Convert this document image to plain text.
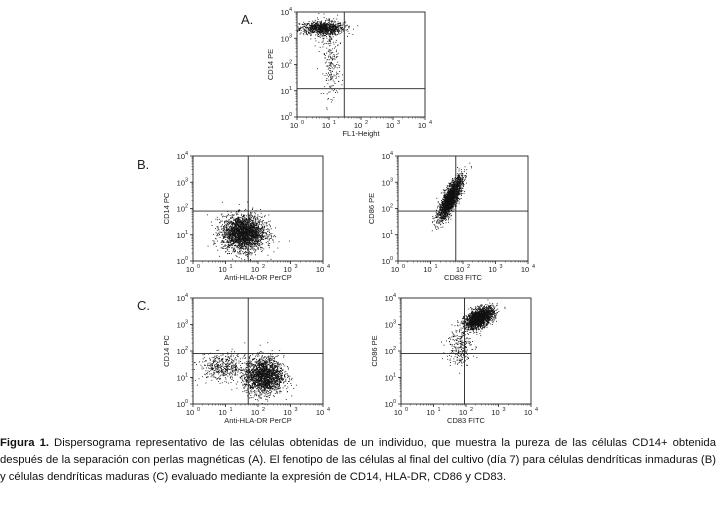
A.
B.
C.
10 0
10 0
10 1
10 1
10 2
10 2
10 3
10 3
10 4
10 4
FL1-Height
CD14 PE
10 0
10 0
10 1
10 1
10 2
10 2
10 3
10 3
10 4
10 4
Anti-HLA-DR PerCP
CD14 PC
10 0
10 0
10 1
10 1
10 2
10 2
10 3
10 3
10 4
10 4
CD83 FITC
CD86 PE
10 0
10 0
10 1
10 1
10 2
10 2
10 3
10 3
10 4
10 4
Anti-HLA-DR PerCP
CD14 PC
10 0
10 0
10 1
10 1
10 2
10 2
10 3
10 3
10 4
10 4
CD83 FITC
CD86 PE
Figura 1. Dispersograma representativo de las células obtenidas de un individuo, que muestra la pureza de las células CD14+ obtenida después de la separación con perlas magnéticas (A). El fenotipo de las células al final del cultivo (día 7) para células dendríticas inmaduras (B) y células dendríticas maduras (C) evaluado mediante la expresión de CD14, HLA-DR, CD86 y CD83.
